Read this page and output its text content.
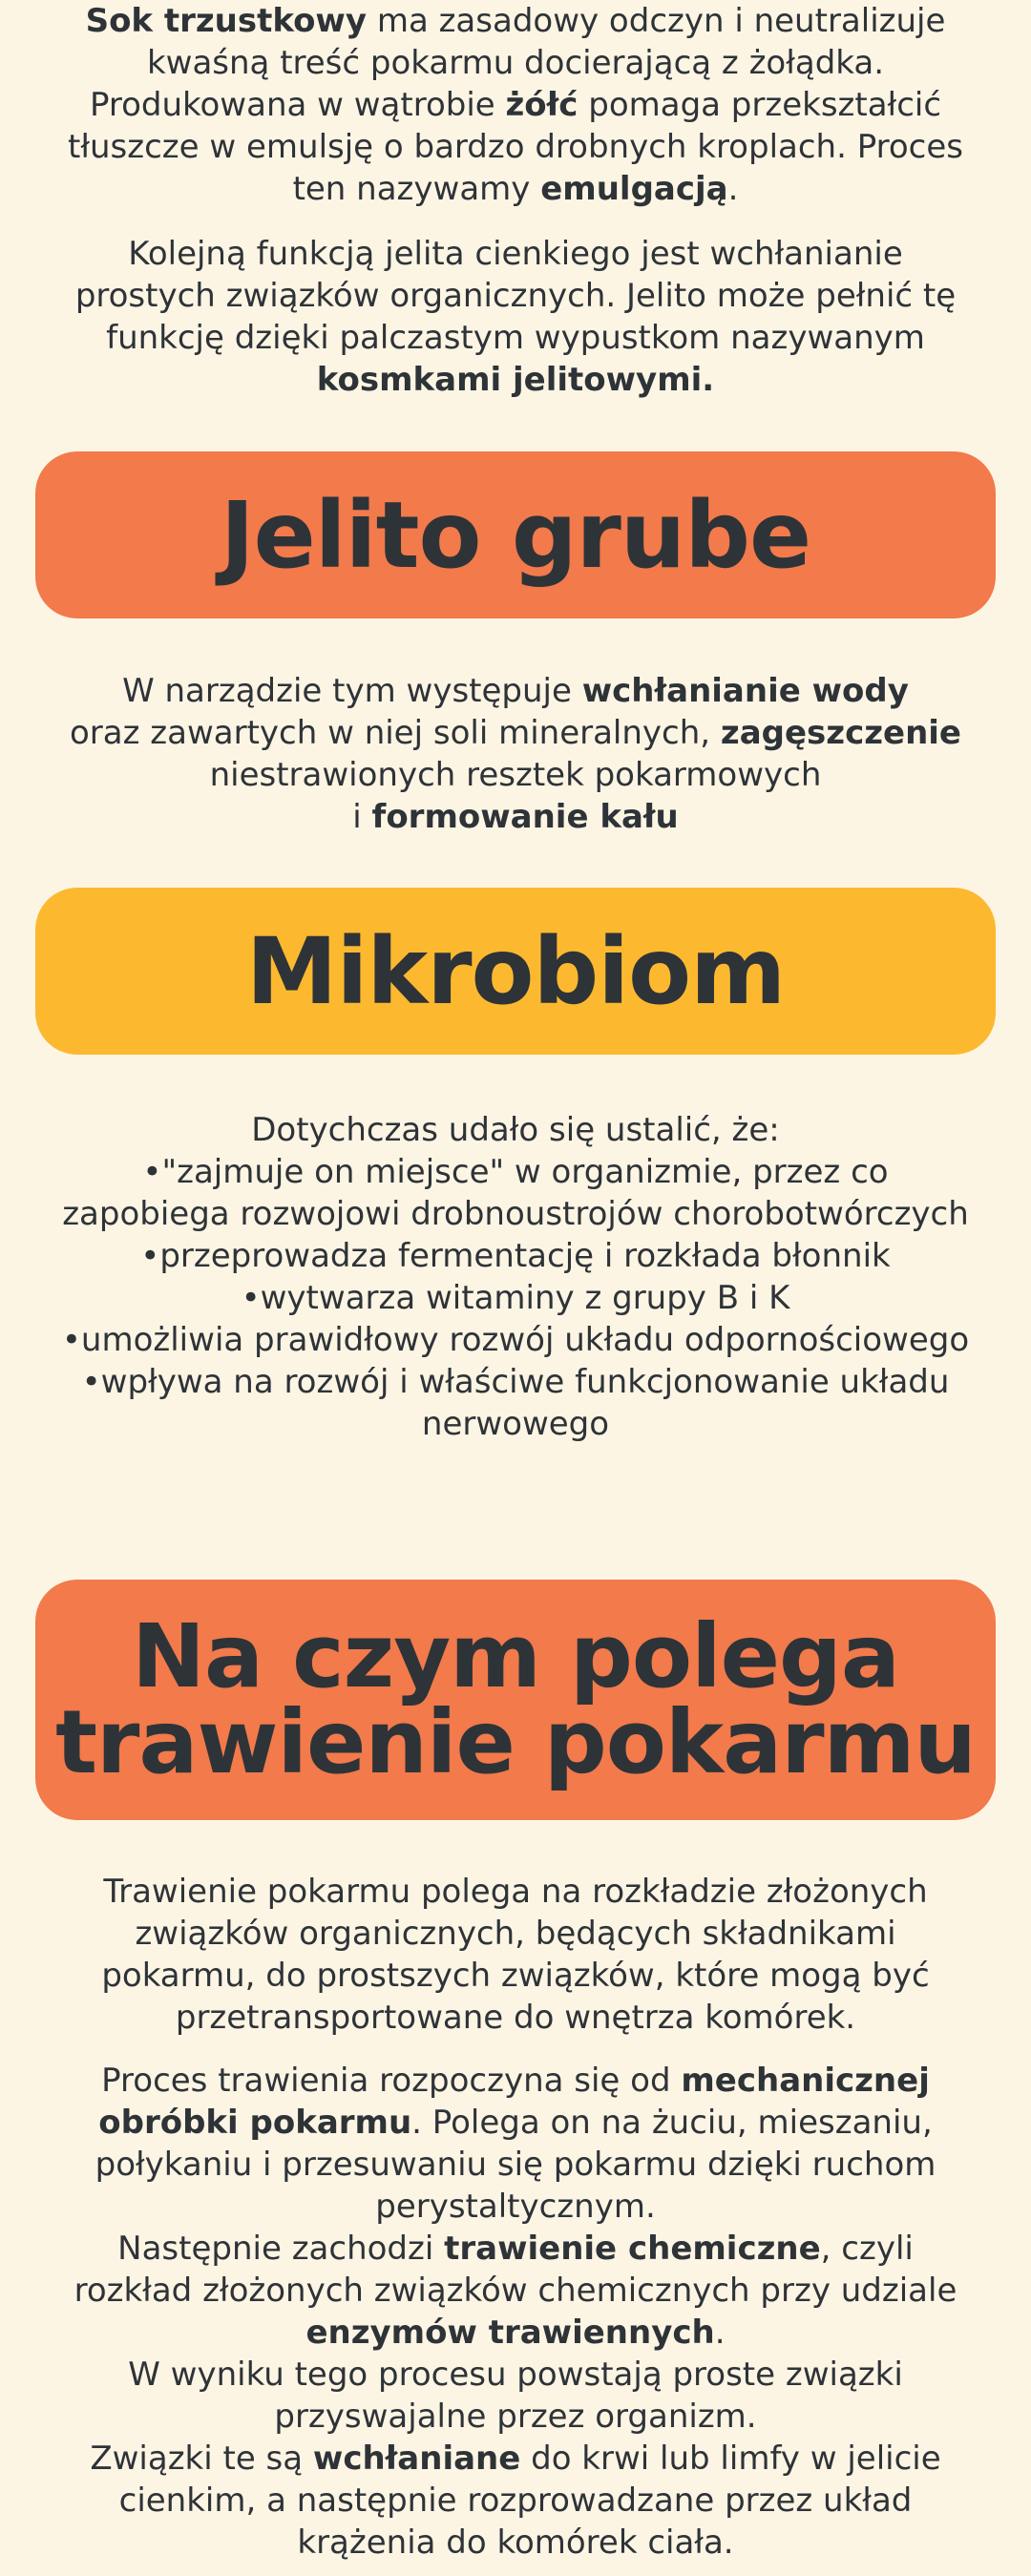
Sok trzustkowy ma zasadowy odczyn i neutralizuje kwaśną treść pokarmu docierającą z żołądka. Produkowana w wątrobie żółć pomaga przekształcić tłuszcze w emulsję o bardzo drobnych kroplach. Proces ten nazywamy emulgacją.

Kolejną funkcją jelita cienkiego jest wchłanianie prostych związków organicznych. Jelito może pełnić tę funkcję dzięki palczastym wypustkom nazywanym kosmkami jelitowymi.

Jelito grube

W narządzie tym występuje wchłanianie wody
oraz zawartych w niej soli mineralnych, zagęszczenie
niestrawionych resztek pokarmowych
i formowanie kału

Mikrobiom
Dotychczas udało się ustalić, że:
• "zajmuje on miejsce" w organizmie, przez co zapobiega rozwojowi drobnoustrojów chorobotwórczych
• przeprowadza fermentację i rozkłada błonnik
• wytwarza witaminy z grupy B i K
• umożliwia prawidłowy rozwój układu odpornościowego
• wpływa na rozwój i właściwe funkcjonowanie układu nerwowego
Na czym polega
trawienie pokarmu

Trawienie pokarmu polega na rozkładzie złożonych związków organicznych, będących składnikami pokarmu, do prostszych związków, które mogą być przetransportowane do wnętrza komórek.

Proces trawienia rozpoczyna się od mechanicznej obróbki pokarmu. Polega on na żuciu, mieszaniu, połykaniu i przesuwaniu się pokarmu dzięki ruchom perystaltycznym.
Następnie zachodzi trawienie chemiczne, czyli rozkład złożonych związków chemicznych przy udziale enzymów trawiennych.
W wyniku tego procesu powstają proste związki przyswajalne przez organizm.
Związki te są wchłaniane do krwi lub limfy w jelicie cienkim, a następnie rozprowadzane przez układ krążenia do komórek ciała.
